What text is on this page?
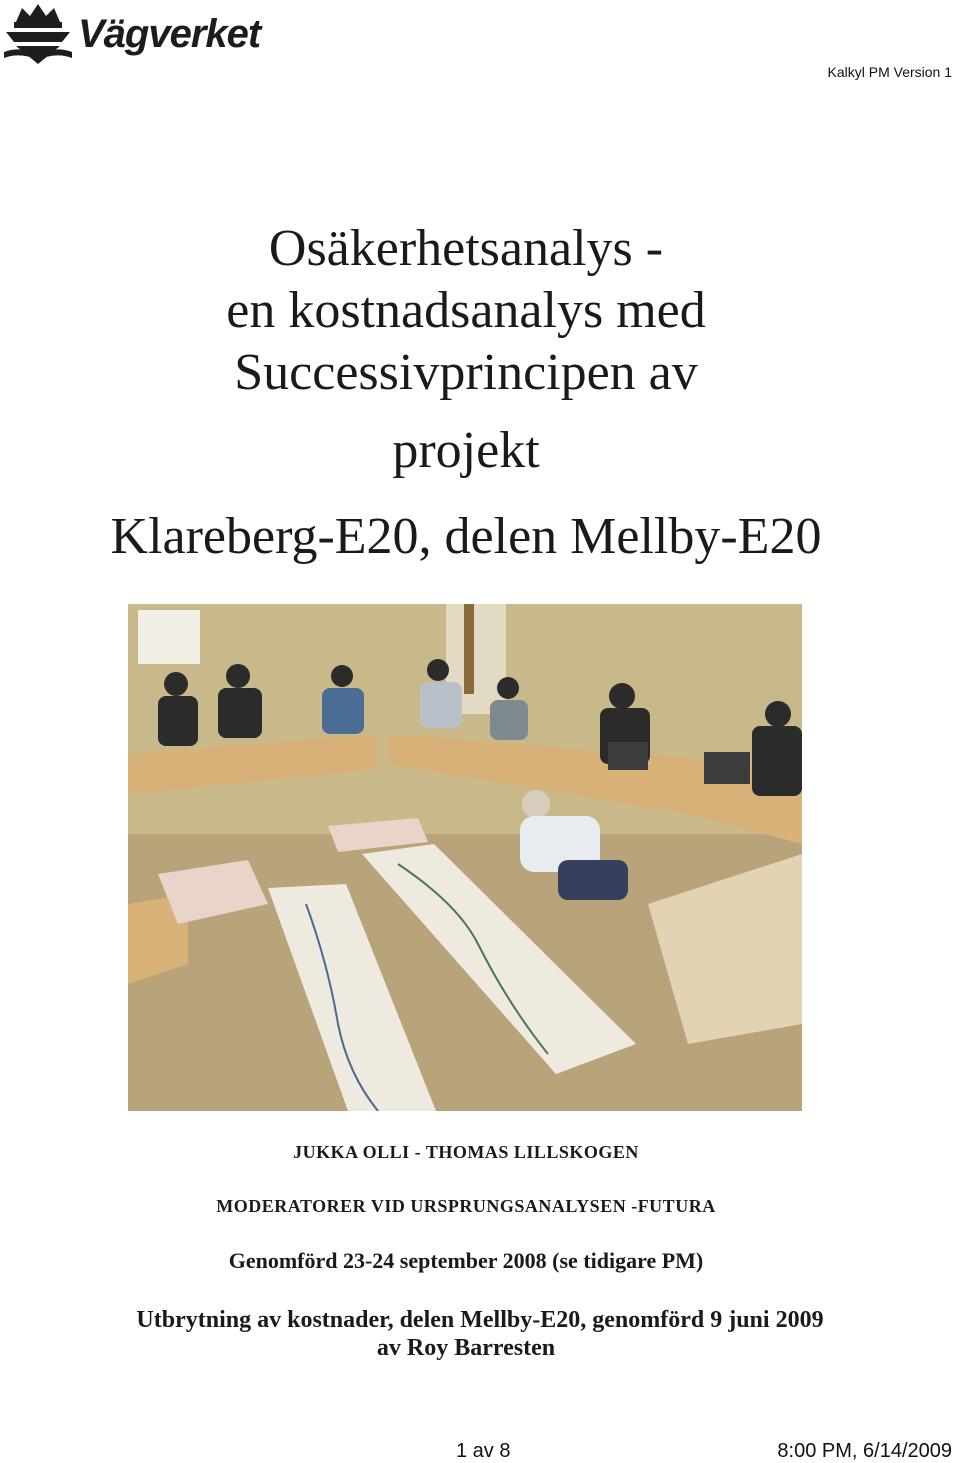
Vägverket
Kalkyl PM Version 1

Osäkerhetsanalys -

en kostnadsanalys med

Successivprincipen av

projekt

Klareberg-E20, delen Mellby-E20

JUKKA OLLI - THOMAS LILLSKOGEN
MODERATORER VID URSPRUNGSANALYSEN -FUTURA
Genomförd 23-24 september 2008 (se tidigare PM)
Utbrytning av kostnader, delen Mellby-E20, genomförd 9 juni 2009
av Roy Barresten
1 av 8	8:00 PM, 6/14/2009
